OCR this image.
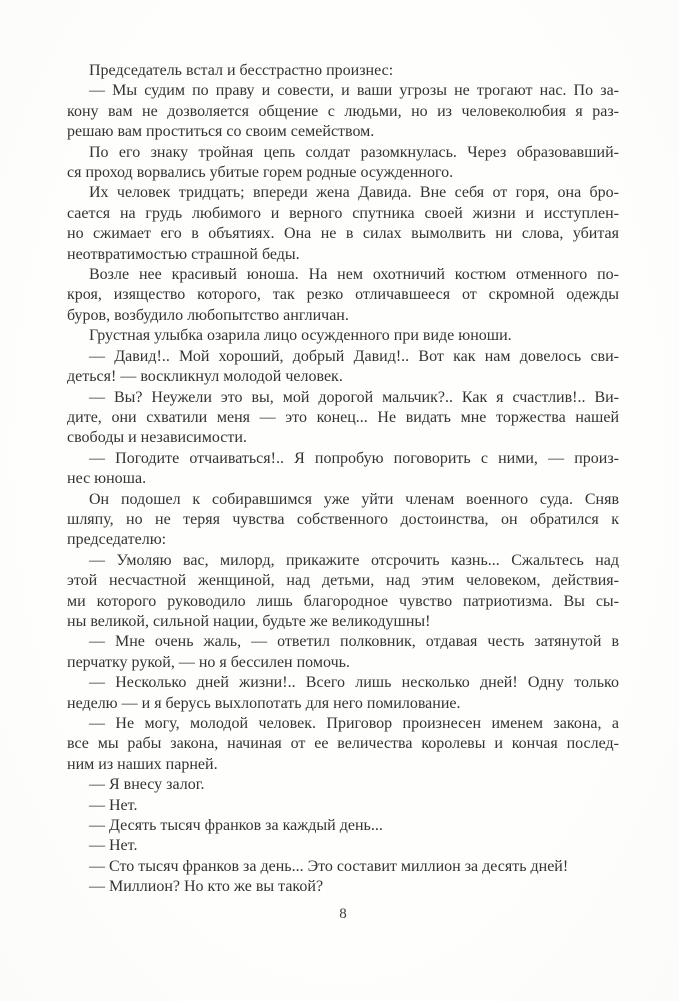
Председатель встал и бесстрастно произнес:
— Мы судим по праву и совести, и ваши угрозы не трогают нас. По за-
кону вам не дозволяется общение с людьми, но из человеколюбия я раз-
решаю вам проститься со своим семейством.
По его знаку тройная цепь солдат разомкнулась. Через образовавший-
ся проход ворвались убитые горем родные осужденного.
Их человек тридцать; впереди жена Давида. Вне себя от горя, она бро-
сается на грудь любимого и верного спутника своей жизни и исступлен-
но сжимает его в объятиях. Она не в силах вымолвить ни слова, убитая
неотвратимостью страшной беды.
Возле нее красивый юноша. На нем охотничий костюм отменного по-
кроя, изящество которого, так резко отличавшееся от скромной одежды
буров, возбудило любопытство англичан.
Грустная улыбка озарила лицо осужденного при виде юноши.
— Давид!.. Мой хороший, добрый Давид!.. Вот как нам довелось сви-
деться! — воскликнул молодой человек.
— Вы? Неужели это вы, мой дорогой мальчик?.. Как я счастлив!.. Ви-
дите, они схватили меня — это конец... Не видать мне торжества нашей
свободы и независимости.
— Погодите отчаиваться!.. Я попробую поговорить с ними, — произ-
нес юноша.
Он подошел к собиравшимся уже уйти членам военного суда. Сняв
шляпу, но не теряя чувства собственного достоинства, он обратился к
председателю:
— Умоляю вас, милорд, прикажите отсрочить казнь... Сжальтесь над
этой несчастной женщиной, над детьми, над этим человеком, действия-
ми которого руководило лишь благородное чувство патриотизма. Вы сы-
ны великой, сильной нации, будьте же великодушны!
— Мне очень жаль, — ответил полковник, отдавая честь затянутой в
перчатку рукой, — но я бессилен помочь.
— Несколько дней жизни!.. Всего лишь несколько дней! Одну только
неделю — и я берусь выхлопотать для него помилование.
— Не могу, молодой человек. Приговор произнесен именем закона, а
все мы рабы закона, начиная от ее величества королевы и кончая послед-
ним из наших парней.
— Я внесу залог.
— Нет.
— Десять тысяч франков за каждый день...
— Нет.
— Сто тысяч франков за день... Это составит миллион за десять дней!
— Миллион? Но кто же вы такой?
8
